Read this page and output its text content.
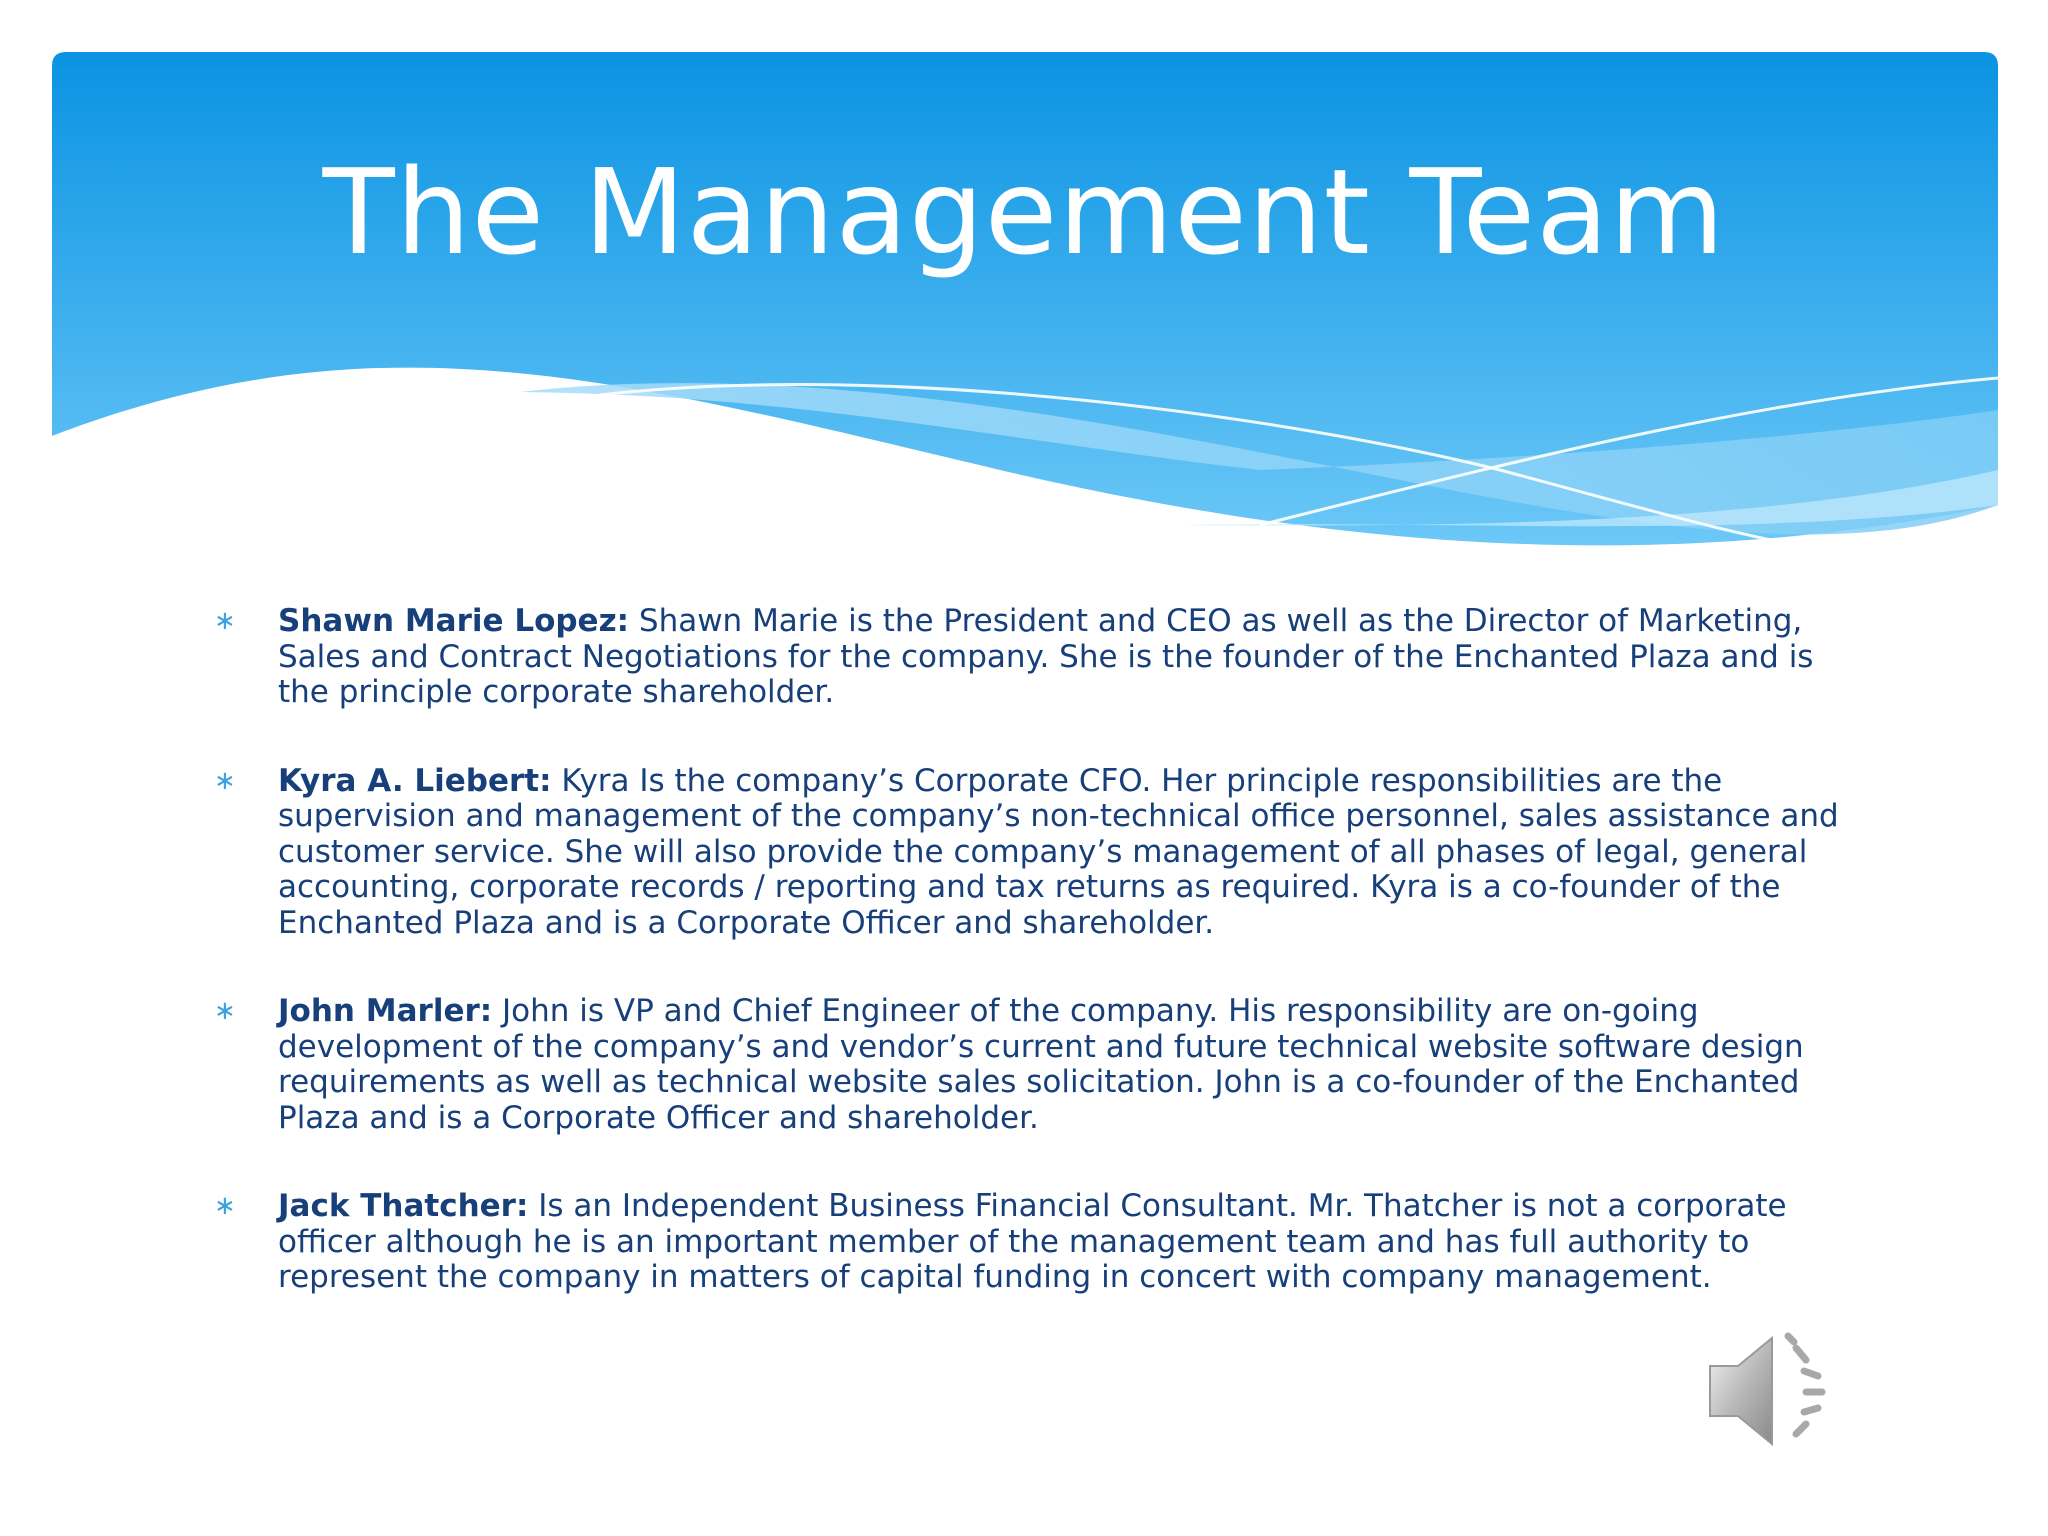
The Management Team
∗ Shawn Marie Lopez: Shawn Marie is the President and CEO as well as the Director of Marketing, Sales and Contract Negotiations for the company. She is the founder of the Enchanted Plaza and is the principle corporate shareholder.
∗ Kyra A. Liebert: Kyra Is the company’s Corporate CFO. Her principle responsibilities are the supervision and management of the company’s non-technical office personnel, sales assistance and customer service. She will also provide the company’s management of all phases of legal, general accounting, corporate records / reporting and tax returns as required. Kyra is a co-founder of the Enchanted Plaza and is a Corporate Officer and shareholder.
∗ John Marler: John is VP and Chief Engineer of the company. His responsibility are on-going development of the company’s and vendor’s current and future technical website software design requirements as well as technical website sales solicitation. John is a co-founder of the Enchanted Plaza and is a Corporate Officer and shareholder.
∗ Jack Thatcher: Is an Independent Business Financial Consultant. Mr. Thatcher is not a corporate officer although he is an important member of the management team and has full authority to represent the company in matters of capital funding in concert with company management.
